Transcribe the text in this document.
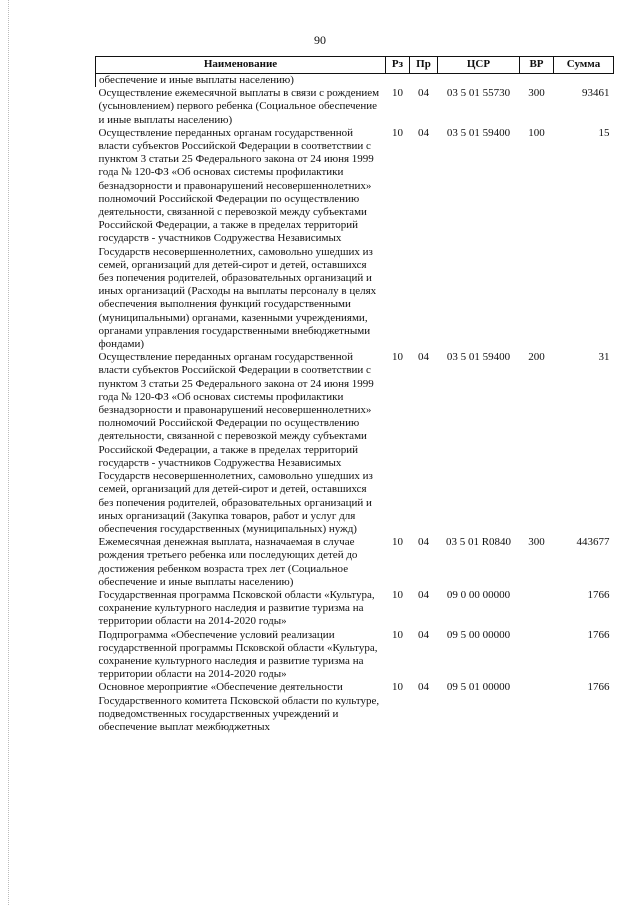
90
Наименование	Рз	Пр	ЦСР	ВР	Сумма
обеспечение и иные выплаты населению)					
Осуществление ежемесячной выплаты в связи с рождением (усыновлением) первого ребенка (Социальное обеспечение и иные выплаты населению)	10	04	03 5 01 55730	300	93461
Осуществление переданных органам государственной власти субъектов Российской Федерации в соответствии с пунктом 3 статьи 25 Федерального закона от 24 июня 1999 года № 120-ФЗ «Об основах системы профилактики безнадзорности и правонарушений несовершеннолетних» полномочий Российской Федерации по осуществлению деятельности, связанной с перевозкой между субъектами Российской Федерации, а также в пределах территорий государств - участников Содружества Независимых Государств несовершеннолетних, самовольно ушедших из семей, организаций для детей-сирот и детей, оставшихся без попечения родителей, образовательных организаций и иных организаций (Расходы на выплаты персоналу в целях обеспечения выполнения функций государственными (муниципальными) органами, казенными учреждениями, органами управления государственными внебюджетными фондами)	10	04	03 5 01 59400	100	15
Осуществление переданных органам государственной власти субъектов Российской Федерации в соответствии с пунктом 3 статьи 25 Федерального закона от 24 июня 1999 года № 120-ФЗ «Об основах системы профилактики безнадзорности и правонарушений несовершеннолетних» полномочий Российской Федерации по осуществлению деятельности, связанной с перевозкой между субъектами Российской Федерации, а также в пределах территорий государств - участников Содружества Независимых Государств несовершеннолетних, самовольно ушедших из семей, организаций для детей-сирот и детей, оставшихся без попечения родителей, образовательных организаций и иных организаций (Закупка товаров, работ и услуг для обеспечения государственных (муниципальных) нужд)	10	04	03 5 01 59400	200	31
Ежемесячная денежная выплата, назначаемая в случае рождения третьего ребенка или последующих детей до достижения ребенком возраста трех лет (Социальное обеспечение и иные выплаты населению)	10	04	03 5 01 R0840	300	443677
Государственная программа Псковской области «Культура, сохранение культурного наследия и развитие туризма на территории области на 2014-2020 годы»	10	04	09 0 00 00000		1766
Подпрограмма «Обеспечение условий реализации государственной программы Псковской области «Культура, сохранение культурного наследия и развитие туризма на территории области на 2014-2020 годы»	10	04	09 5 00 00000		1766
Основное мероприятие «Обеспечение деятельности Государственного комитета Псковской области по культуре, подведомственных государственных учреждений и обеспечение выплат межбюджетных	10	04	09 5 01 00000		1766
